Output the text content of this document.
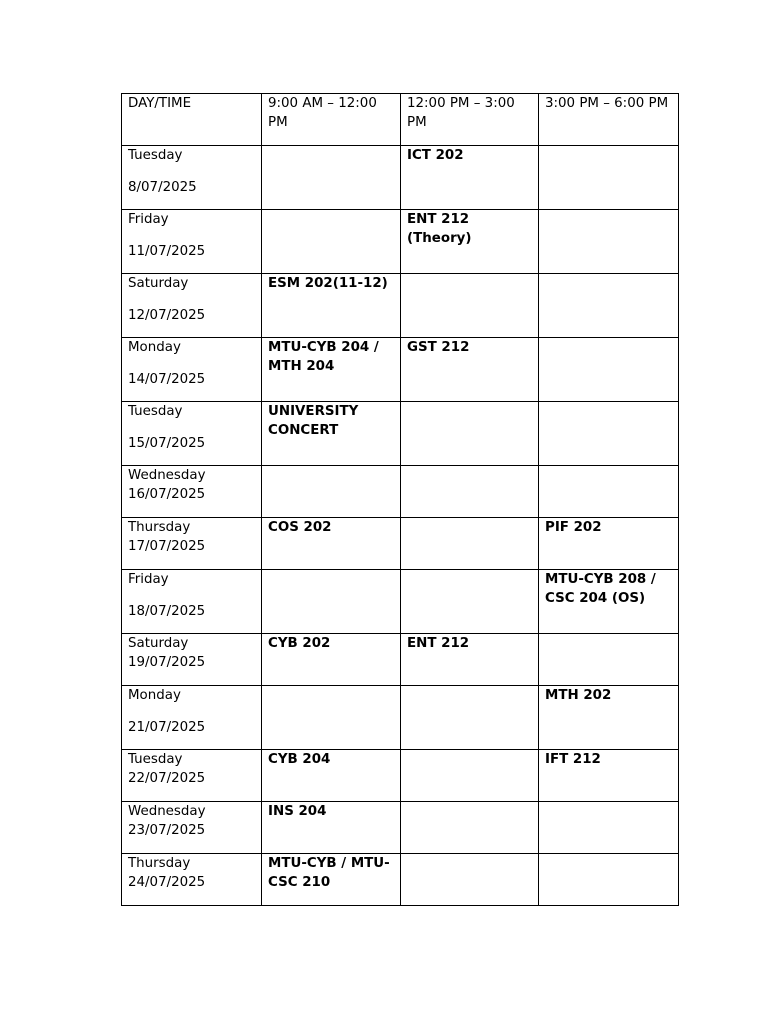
DAY/TIME	9:00 AM – 12:00 PM	12:00 PM – 3:00 PM	3:00 PM – 6:00 PM

Tuesday
8/07/2025		ICT 202	

Friday
11/07/2025		ENT 212 (Theory)	

Saturday
12/07/2025	ESM 202(11-12)		

Monday
14/07/2025	MTU-CYB 204 / MTH 204	GST 212	

Tuesday
15/07/2025	UNIVERSITY CONCERT		

Wednesday
16/07/2025			

Thursday
17/07/2025	COS 202		PIF 202

Friday
18/07/2025			MTU-CYB 208 / CSC 204 (OS)

Saturday
19/07/2025	CYB 202	ENT 212	

Monday
21/07/2025			MTH 202

Tuesday
22/07/2025	CYB 204		IFT 212

Wednesday
23/07/2025	INS 204		

Thursday
24/07/2025	MTU-CYB / MTU-CSC 210		
